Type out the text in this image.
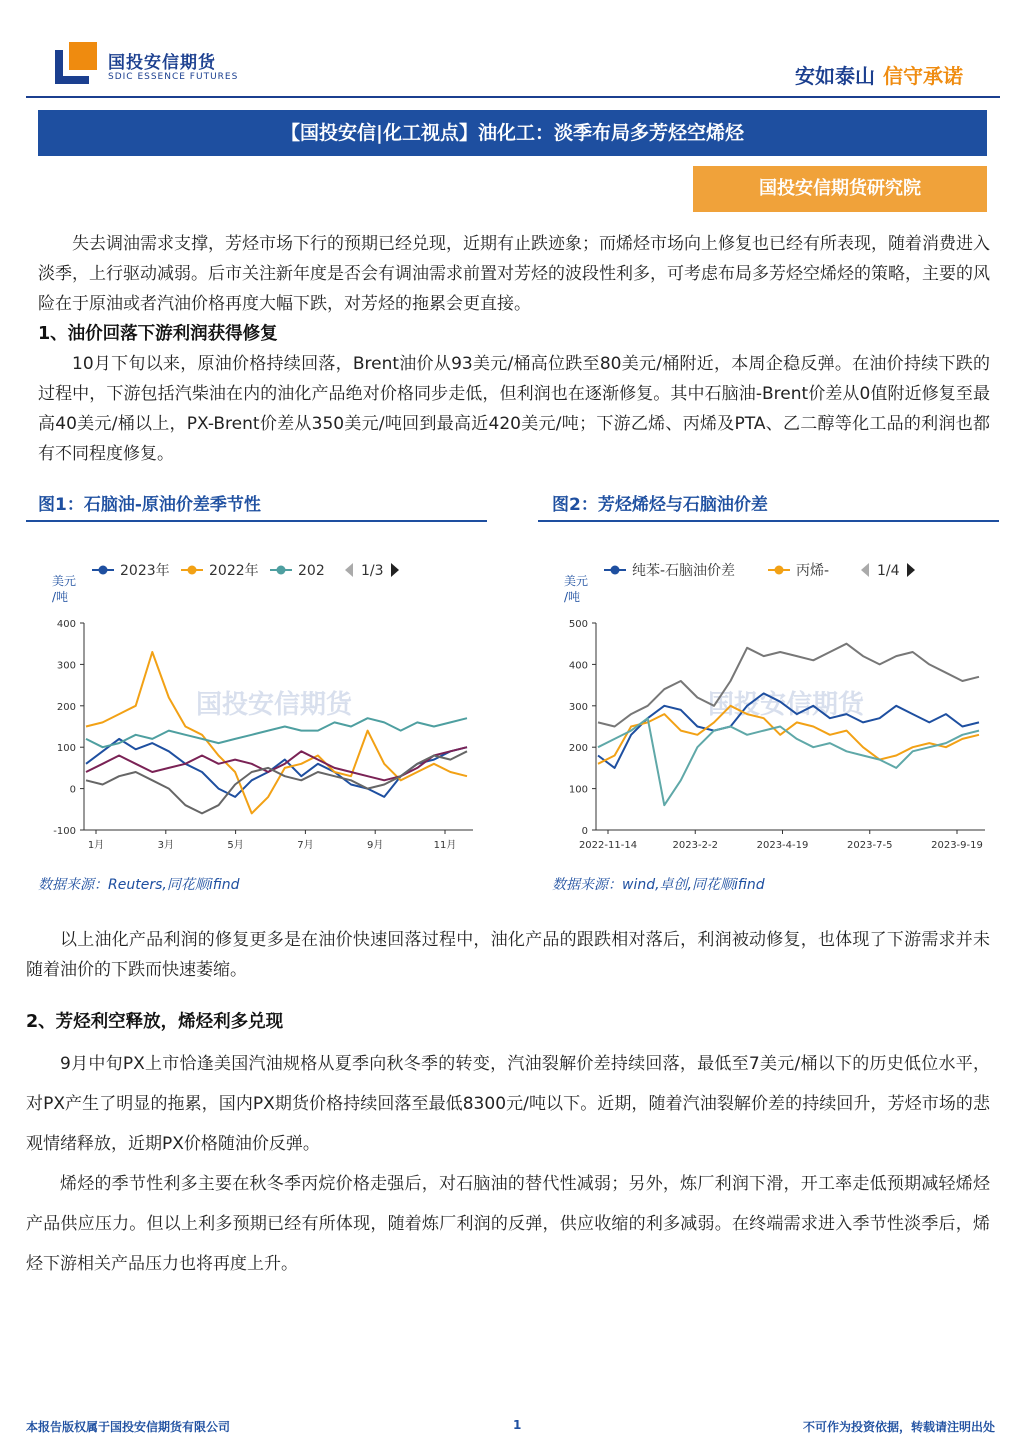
国投安信期货
SDIC ESSENCE FUTURES	安如泰山 信守承诺
【国投安信|化工视点】油化工：淡季布局多芳烃空烯烃
国投安信期货研究院
失去调油需求支撑，芳烃市场下行的预期已经兑现，近期有止跌迹象；而烯烃市场向上修复也已经有所表现，随着消费进入淡季，上行驱动减弱。后市关注新年度是否会有调油需求前置对芳烃的波段性利多，可考虑布局多芳烃空烯烃的策略，主要的风险在于原油或者汽油价格再度大幅下跌，对芳烃的拖累会更直接。
1、油价回落下游利润获得修复
10月下旬以来，原油价格持续回落，Brent油价从93美元/桶高位跌至80美元/桶附近，本周企稳反弹。在油价持续下跌的过程中，下游包括汽柴油在内的油化产品绝对价格同步走低，但利润也在逐渐修复。其中石脑油-Brent价差从0值附近修复至最高40美元/桶以上，PX-Brent价差从350美元/吨回到最高近420美元/吨；下游乙烯、丙烯及PTA、乙二醇等化工品的利润也都有不同程度修复。
图1：石脑油-原油价差季节性
2023年	2022年	202	1/3
美元
/吨
国投安信期货
-100
0
100
200
300
400
1月	3月	5月	7月	9月	11月
数据来源：Reuters,同花顺ifind
图2：芳烃烯烃与石脑油价差
纯苯-石脑油价差	丙烯-	1/4
美元
/吨
国投安信期货
0
100
200
300
400
500
2022-11-14	2023-2-2	2023-4-19	2023-7-5	2023-9-19
数据来源：wind,卓创,同花顺ifind
以上油化产品利润的修复更多是在油价快速回落过程中，油化产品的跟跌相对落后，利润被动修复，也体现了下游需求并未随着油价的下跌而快速萎缩。
2、芳烃利空释放，烯烃利多兑现
9月中旬PX上市恰逢美国汽油规格从夏季向秋冬季的转变，汽油裂解价差持续回落，最低至7美元/桶以下的历史低位水平，对PX产生了明显的拖累，国内PX期货价格持续回落至最低8300元/吨以下。近期，随着汽油裂解价差的持续回升，芳烃市场的悲观情绪释放，近期PX价格随油价反弹。
烯烃的季节性利多主要在秋冬季丙烷价格走强后，对石脑油的替代性减弱；另外，炼厂利润下滑，开工率走低预期减轻烯烃产品供应压力。但以上利多预期已经有所体现，随着炼厂利润的反弹，供应收缩的利多减弱。在终端需求进入季节性淡季后，烯烃下游相关产品压力也将再度上升。
本报告版权属于国投安信期货有限公司	1	不可作为投资依据，转载请注明出处
